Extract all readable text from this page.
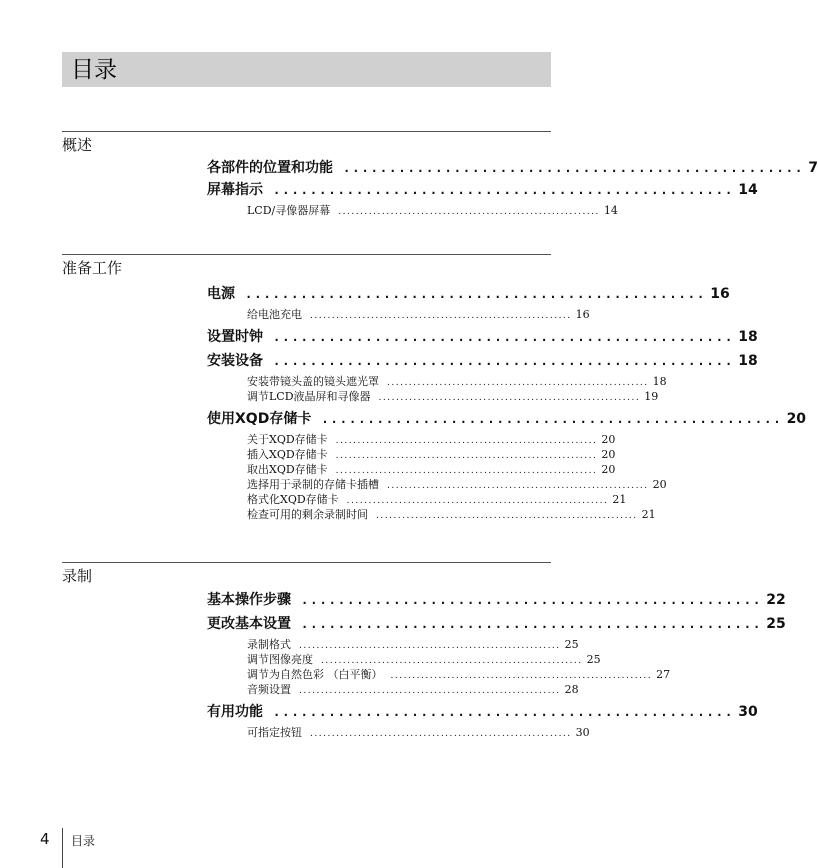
目录
概述
各部件的位置和功能 .................................................. 7
屏幕指示 .................................................. 14
LCD/寻像器屏幕 ............................................................ 14
准备工作
电源 .................................................. 16
给电池充电 ............................................................ 16
设置时钟 .................................................. 18
安装设备 .................................................. 18
安装带镜头盖的镜头遮光罩 ............................................................ 18
调节LCD液晶屏和寻像器 ............................................................ 19
使用XQD存储卡 .................................................. 20
关于XQD存储卡 ............................................................ 20
插入XQD存储卡 ............................................................ 20
取出XQD存储卡 ............................................................ 20
选择用于录制的存储卡插槽 ............................................................ 20
格式化XQD存储卡 ............................................................ 21
检查可用的剩余录制时间 ............................................................ 21
录制
基本操作步骤 .................................................. 22
更改基本设置 .................................................. 25
录制格式 ............................................................ 25
调节图像亮度 ............................................................ 25
调节为自然色彩 （白平衡） ............................................................ 27
音频设置 ............................................................ 28
有用功能 .................................................. 30
可指定按钮 ............................................................ 30
4 目录
